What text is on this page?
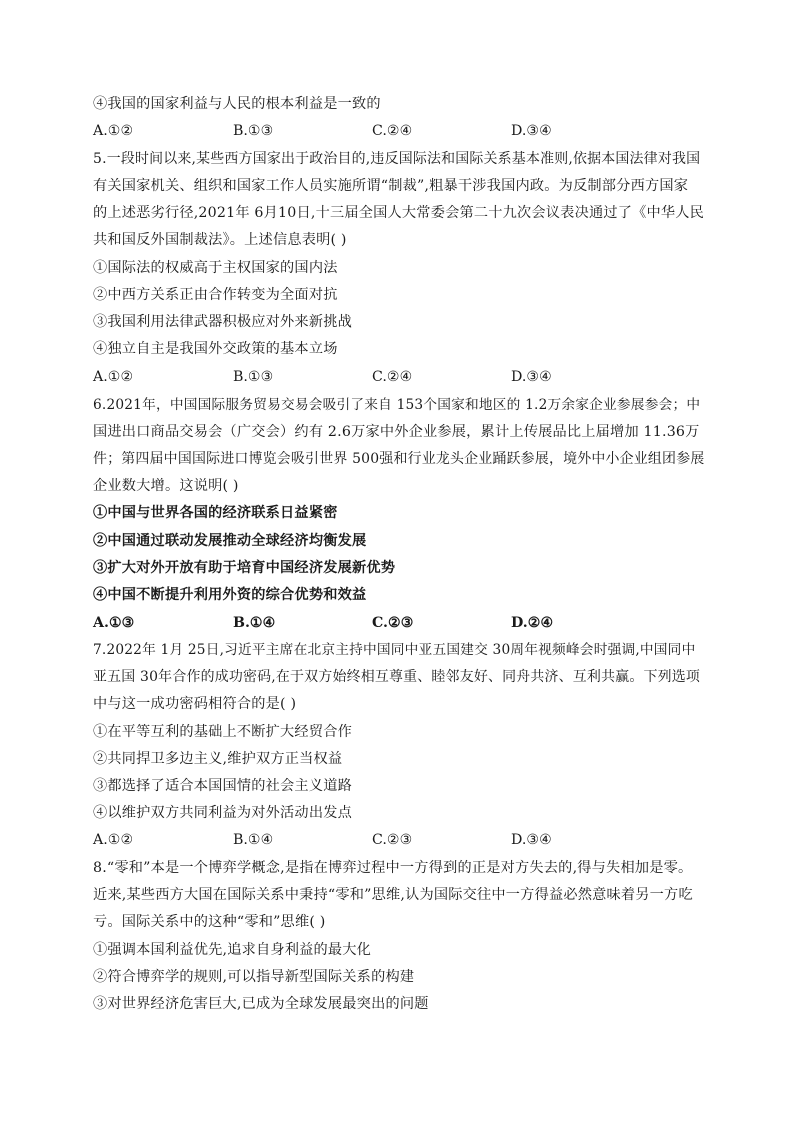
④我国的国家利益与人民的根本利益是一致的
A.①②	B.①③	C.②④	D.③④
5.一段时间以来,某些西方国家出于政治目的,违反国际法和国际关系基本准则,依据本国法律对我国
有关国家机关、组织和国家工作人员实施所谓“制裁”,粗暴干涉我国内政。为反制部分西方国家
的上述恶劣行径,2021年 6月10日,十三届全国人大常委会第二十九次会议表决通过了《中华人民
共和国反外国制裁法》。上述信息表明( )
①国际法的权威高于主权国家的国内法
②中西方关系正由合作转变为全面对抗
③我国利用法律武器积极应对外来新挑战
④独立自主是我国外交政策的基本立场
A.①②	B.①③	C.②④	D.③④
6.2021年，中国国际服务贸易交易会吸引了来自 153个国家和地区的 1.2万余家企业参展参会；中
国进出口商品交易会（广交会）约有 2.6万家中外企业参展，累计上传展品比上届增加 11.36万
件；第四届中国国际进口博览会吸引世界 500强和行业龙头企业踊跃参展，境外中小企业组团参展
企业数大增。这说明( )
①中国与世界各国的经济联系日益紧密
②中国通过联动发展推动全球经济均衡发展
③扩大对外开放有助于培育中国经济发展新优势
④中国不断提升利用外资的综合优势和效益
A.①③	B.①④	C.②③	D.②④
7.2022年 1月 25日,习近平主席在北京主持中国同中亚五国建交 30周年视频峰会时强调,中国同中
亚五国 30年合作的成功密码,在于双方始终相互尊重、睦邻友好、同舟共济、互利共赢。下列选项
中与这一成功密码相符合的是( )
①在平等互利的基础上不断扩大经贸合作
②共同捍卫多边主义,维护双方正当权益
③都选择了适合本国国情的社会主义道路
④以维护双方共同利益为对外活动出发点
A.①②	B.①④	C.②③	D.③④
8.“零和”本是一个博弈学概念,是指在博弈过程中一方得到的正是对方失去的,得与失相加是零。
近来,某些西方大国在国际关系中秉持“零和”思维,认为国际交往中一方得益必然意味着另一方吃
亏。国际关系中的这种“零和”思维( )
①强调本国利益优先,追求自身利益的最大化
②符合博弈学的规则,可以指导新型国际关系的构建
③对世界经济危害巨大,已成为全球发展最突出的问题
